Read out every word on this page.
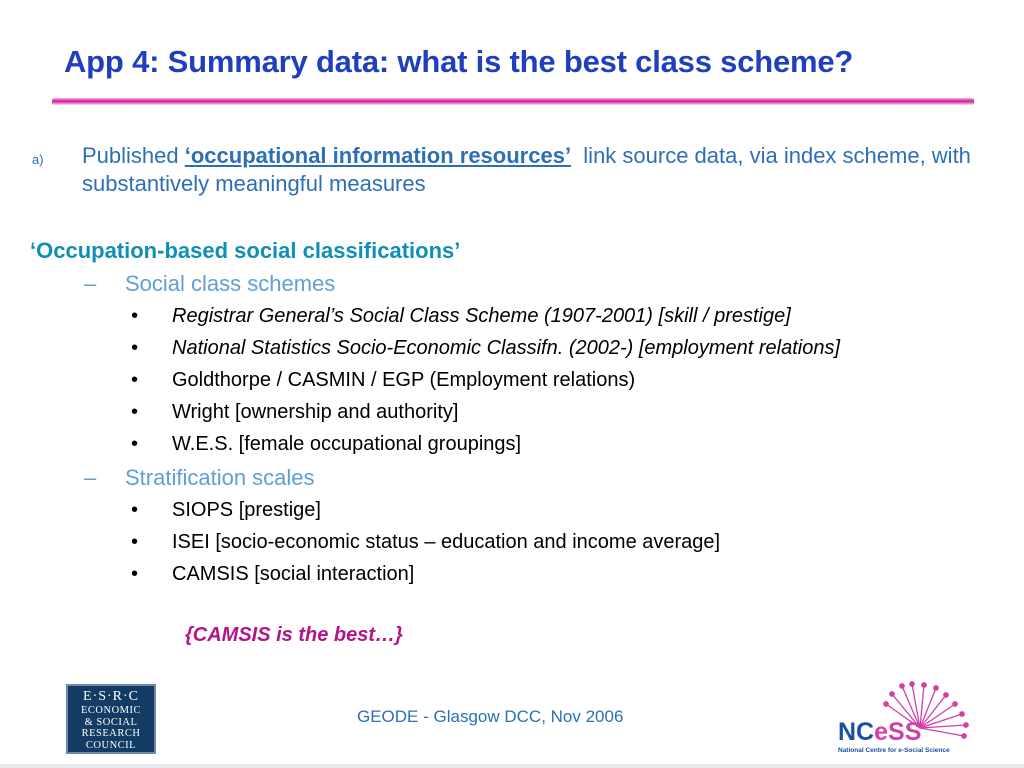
App 4: Summary data: what is the best class scheme?
a) Published ‘occupational information resources’  link source data, via index scheme, with substantively meaningful measures
‘Occupation-based social classifications’
– Social class schemes
• Registrar General’s Social Class Scheme (1907-2001) [skill / prestige]
• National Statistics Socio-Economic Classifn. (2002-) [employment relations]
• Goldthorpe / CASMIN / EGP (Employment relations)
• Wright [ownership and authority]
• W.E.S. [female occupational groupings]
– Stratification scales
• SIOPS [prestige]
• ISEI [socio-economic status – education and income average]
• CAMSIS [social interaction]
{CAMSIS is the best…}
E·S·R·C
ECONOMIC
& SOCIAL
RESEARCH
COUNCIL
GEODE - Glasgow DCC, Nov 2006
NCeSS
National Centre for e-Social Science
